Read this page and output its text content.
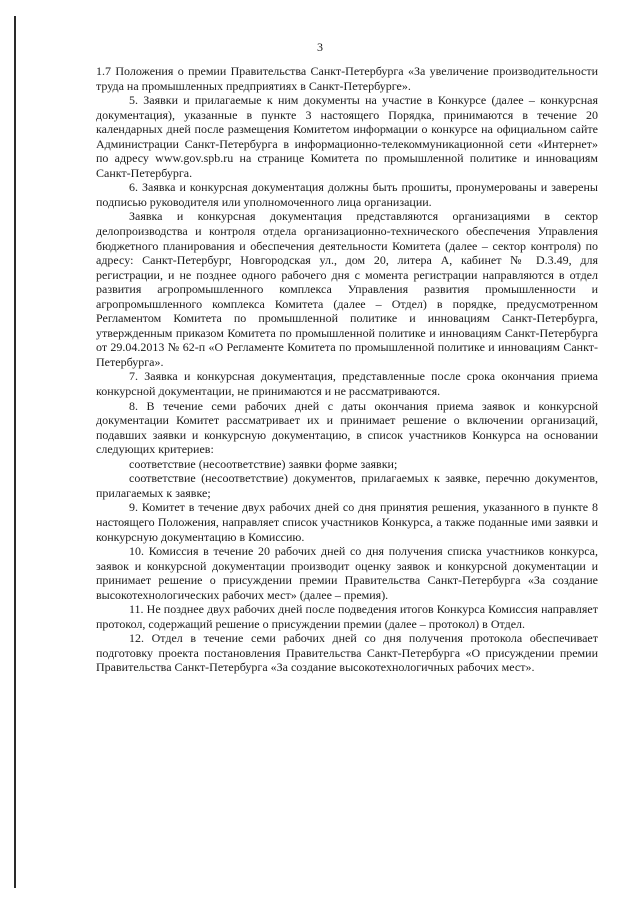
3

1.7 Положения о премии Правительства Санкт-Петербурга «За увеличение производительности труда на промышленных предприятиях в Санкт-Петербурге».

5. Заявки и прилагаемые к ним документы на участие в Конкурсе (далее – конкурсная документация), указанные в пункте 3 настоящего Порядка, принимаются в течение 20 календарных дней после размещения Комитетом информации о конкурсе на официальном сайте Администрации Санкт-Петербурга в информационно-телекоммуникационной сети «Интернет» по адресу www.gov.spb.ru на странице Комитета по промышленной политике и инновациям Санкт-Петербурга.

6. Заявка и конкурсная документация должны быть прошиты, пронумерованы и заверены подписью руководителя или уполномоченного лица организации.

Заявка и конкурсная документация представляются организациями в сектор делопроизводства и контроля отдела организационно-технического обеспечения Управления бюджетного планирования и обеспечения деятельности Комитета (далее – сектор контроля) по адресу: Санкт-Петербург, Новгородская ул., дом 20, литера А, кабинет № D.3.49, для регистрации, и не позднее одного рабочего дня с момента регистрации направляются в отдел развития агропромышленного комплекса Управления развития промышленности и агропромышленного комплекса Комитета (далее – Отдел) в порядке, предусмотренном Регламентом Комитета по промышленной политике и инновациям Санкт-Петербурга, утвержденным приказом Комитета по промышленной политике и инновациям Санкт-Петербурга от 29.04.2013 № 62-п «О Регламенте Комитета по промышленной политике и инновациям Санкт-Петербурга».

7. Заявка и конкурсная документация, представленные после срока окончания приема конкурсной документации, не принимаются и не рассматриваются.

8. В течение семи рабочих дней с даты окончания приема заявок и конкурсной документации Комитет рассматривает их и принимает решение о включении организаций, подавших заявки и конкурсную документацию, в список участников Конкурса на основании следующих критериев:

соответствие (несоответствие) заявки форме заявки;

соответствие (несоответствие) документов, прилагаемых к заявке, перечню документов, прилагаемых к заявке;

9. Комитет в течение двух рабочих дней со дня принятия решения, указанного в пункте 8 настоящего Положения, направляет список участников Конкурса, а также поданные ими заявки и конкурсную документацию в Комиссию.

10. Комиссия в течение 20 рабочих дней со дня получения списка участников конкурса, заявок и конкурсной документации производит оценку заявок и конкурсной документации и принимает решение о присуждении премии Правительства Санкт-Петербурга «За создание высокотехнологических рабочих мест» (далее – премия).

11. Не позднее двух рабочих дней после подведения итогов Конкурса Комиссия направляет протокол, содержащий решение о присуждении премии (далее – протокол) в Отдел.

12. Отдел в течение семи рабочих дней со дня получения протокола обеспечивает подготовку проекта постановления Правительства Санкт-Петербурга «О присуждении премии Правительства Санкт-Петербурга «За создание высокотехнологичных рабочих мест».
